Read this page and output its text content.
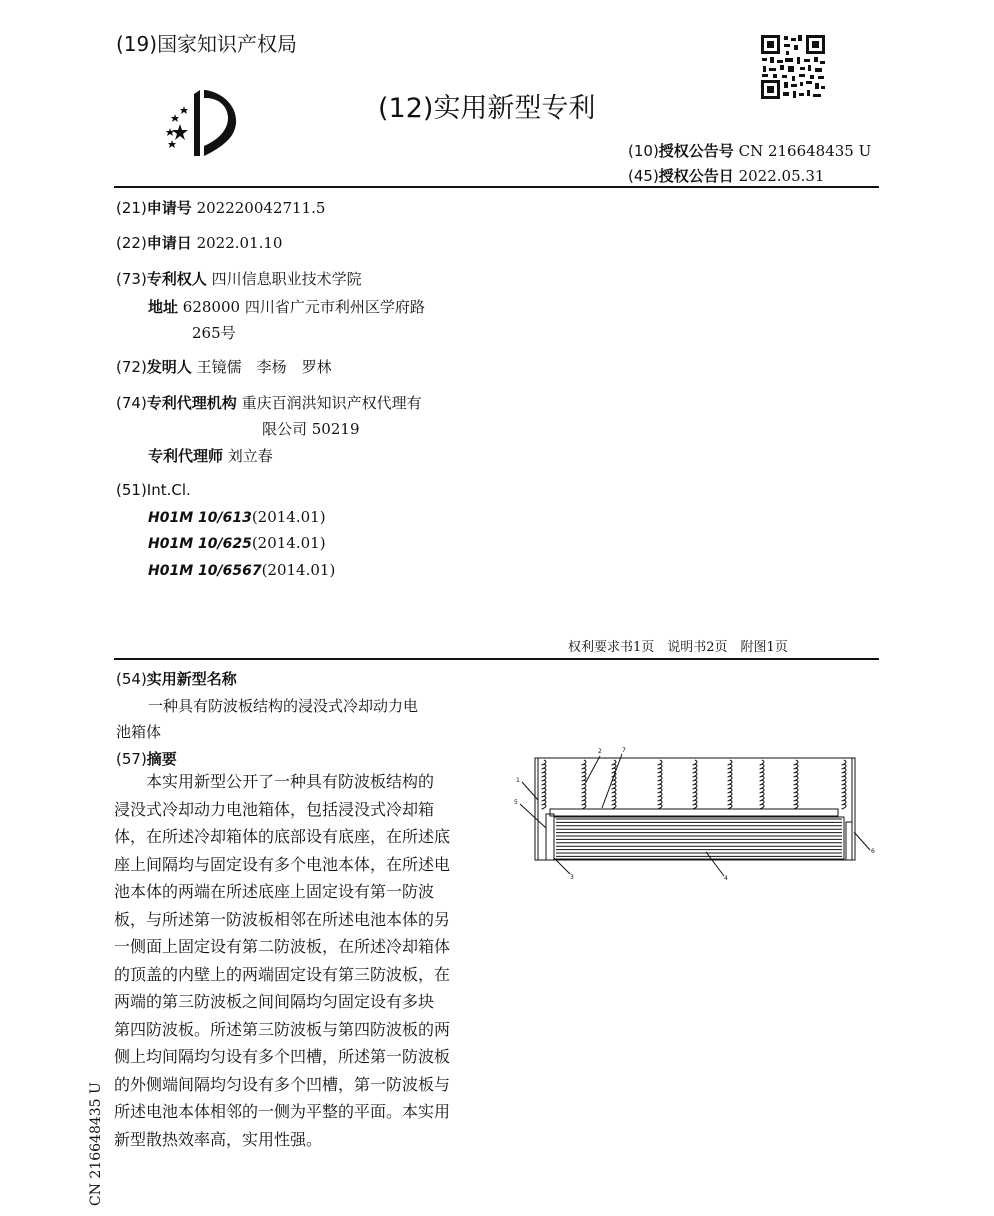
(19)国家知识产权局
(12)实用新型专利
(10)授权公告号 CN 216648435 U
(45)授权公告日 2022.05.31
(21)申请号 202220042711.5
(22)申请日 2022.01.10
(73)专利权人 四川信息职业技术学院
地址 628000 四川省广元市利州区学府路
265号
(72)发明人 王镜儒　李杨　罗林
(74)专利代理机构 重庆百润洪知识产权代理有
限公司 50219
专利代理师 刘立春
(51)Int.Cl.
H01M 10/613(2014.01)
H01M 10/625(2014.01)
H01M 10/6567(2014.01)
权利要求书1页　说明书2页　附图1页
(54)实用新型名称
一种具有防波板结构的浸没式冷却动力电
池箱体
(57)摘要
　　本实用新型公开了一种具有防波板结构的
浸没式冷却动力电池箱体，包括浸没式冷却箱
体，在所述冷却箱体的底部设有底座，在所述底
座上间隔均与固定设有多个电池本体，在所述电
池本体的两端在所述底座上固定设有第一防波
板，与所述第一防波板相邻在所述电池本体的另
一侧面上固定设有第二防波板，在所述冷却箱体
的顶盖的内壁上的两端固定设有第三防波板，在
两端的第三防波板之间间隔均匀固定设有多块
第四防波板。所述第三防波板与第四防波板的两
侧上均间隔均匀设有多个凹槽，所述第一防波板
的外侧端间隔均匀设有多个凹槽，第一防波板与
所述电池本体相邻的一侧为平整的平面。本实用
新型散热效率高，实用性强。
2	7
1
5
3	4
6
CN 216648435 U
